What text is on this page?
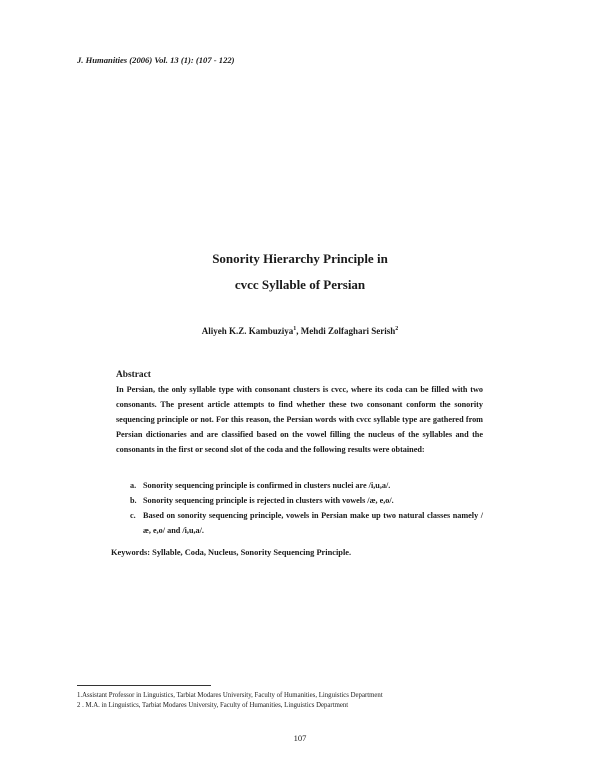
J. Humanities (2006) Vol. 13 (1): (107 - 122)
Sonority Hierarchy Principle in
cvcc Syllable of Persian
Aliyeh K.Z. Kambuziya$^1$, Mehdi Zolfaghari Serish$^2$
Abstract
In Persian, the only syllable type with consonant clusters is cvcc, where its coda can be filled with two consonants. The present article attempts to find whether these two consonant conform the sonority sequencing principle or not. For this reason, the Persian words with cvcc syllable type are gathered from Persian dictionaries and are classified based on the vowel filling the nucleus of the syllables and the consonants in the first or second slot of the coda and the following results were obtained:
a. Sonority sequencing principle is confirmed in clusters nuclei are /i,u,a/.
b. Sonority sequencing principle is rejected in clusters with vowels /æ, e,o/.
c. Based on sonority sequencing principle, vowels in Persian make up two natural classes namely / æ, e,o/ and /i,u,a/.
Keywords: Syllable, Coda, Nucleus, Sonority Sequencing Principle.
1.Assistant Professor in Linguistics, Tarbiat Modares University, Faculty of Humanities, Linguistics Department
2 . M.A. in Linguistics, Tarbiat Modares University, Faculty of Humanities, Linguistics Department
107
